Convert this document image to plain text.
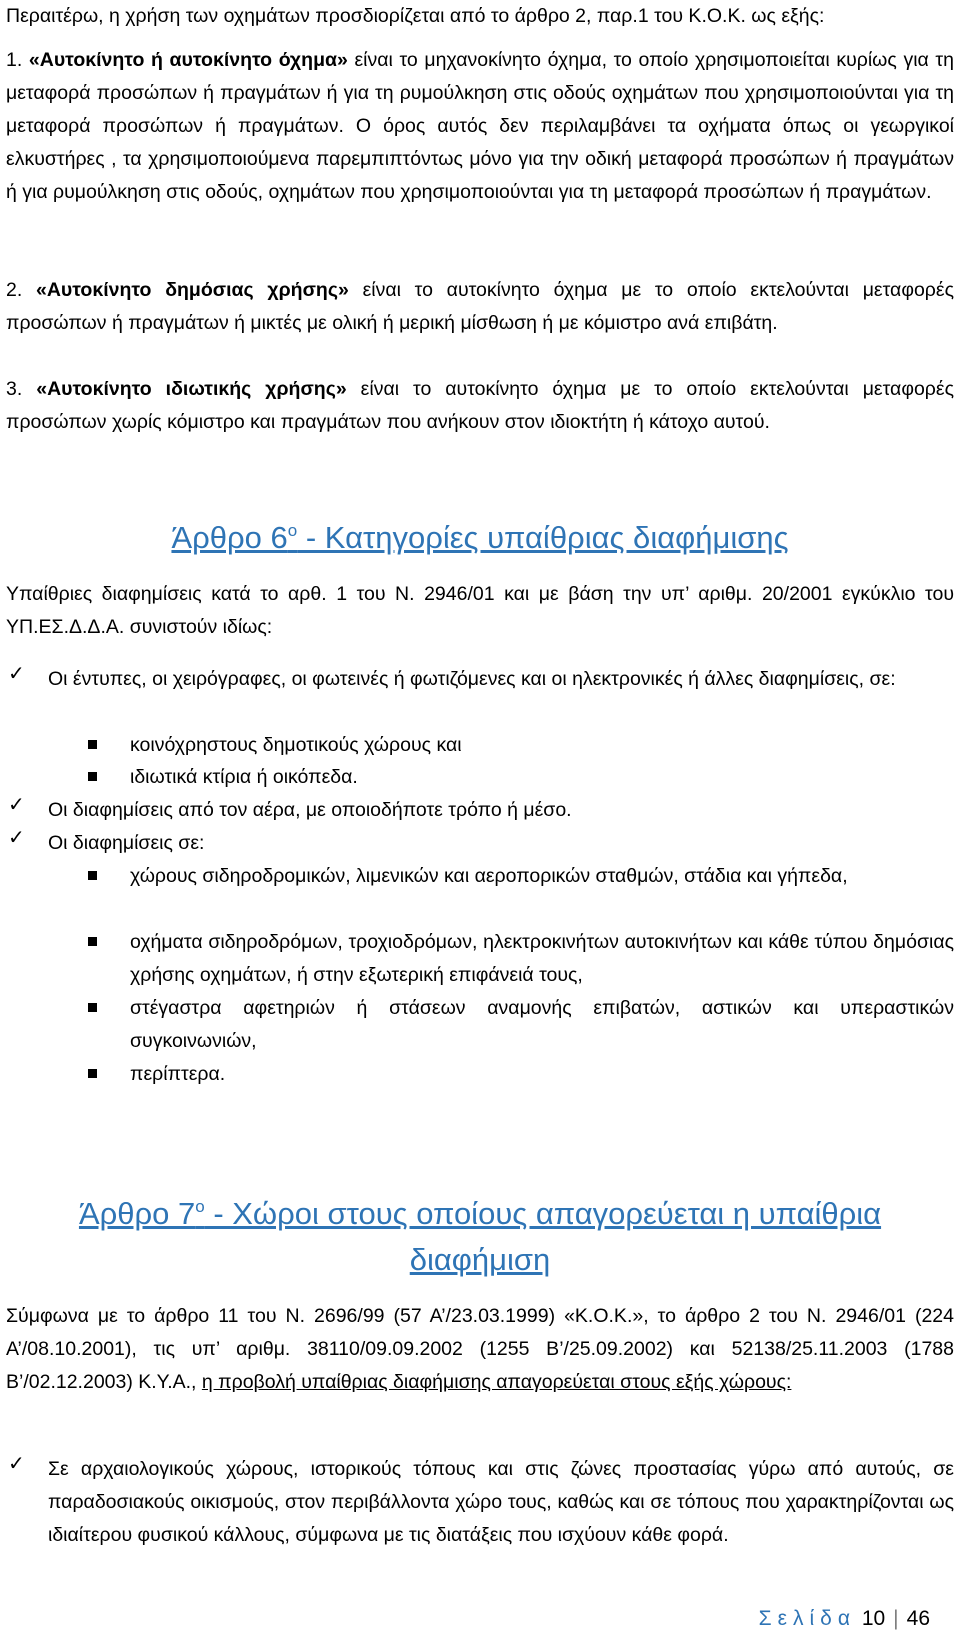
Περαιτέρω, η χρήση των οχημάτων προσδιορίζεται από το άρθρο 2, παρ.1 του Κ.Ο.Κ. ως εξής:

1. «Αυτοκίνητο ή αυτοκίνητο όχημα» είναι το μηχανοκίνητο όχημα, το οποίο χρησιμοποιείται κυρίως για τη μεταφορά προσώπων ή πραγμάτων ή για τη ρυμούλκηση στις οδούς οχημάτων που χρησιμοποιούνται για τη μεταφορά προσώπων ή πραγμάτων. Ο όρος αυτός δεν περιλαμβάνει τα οχήματα όπως οι γεωργικοί ελκυστήρες , τα χρησιμοποιούμενα παρεμπιπτόντως μόνο για την οδική μεταφορά προσώπων ή πραγμάτων ή για ρυμούλκηση στις οδούς, οχημάτων που χρησιμοποιούνται για τη μεταφορά προσώπων ή πραγμάτων.

2. «Αυτοκίνητο δημόσιας χρήσης» είναι το αυτοκίνητο όχημα με το οποίο εκτελούνται μεταφορές προσώπων ή πραγμάτων ή μικτές με ολική ή μερική μίσθωση ή με κόμιστρο ανά επιβάτη.

3. «Αυτοκίνητο ιδιωτικής χρήσης» είναι το αυτοκίνητο όχημα με το οποίο εκτελούνται μεταφορές προσώπων χωρίς κόμιστρο και πραγμάτων που ανήκουν στον ιδιοκτήτη ή κάτοχο αυτού.

Άρθρο $6^o$ - Κατηγορίες υπαίθριας διαφήμισης

Υπαίθριες διαφημίσεις κατά το αρθ. 1 του Ν. 2946/01 και με βάση την υπ’ αριθμ. 20/2001 εγκύκλιο του ΥΠ.ΕΣ.Δ.Δ.Α. συνιστούν ιδίως:

✓	Οι έντυπες, οι χειρόγραφες, οι φωτεινές ή φωτιζόμενες και οι ηλεκτρονικές ή άλλες διαφημίσεις, σε:
κοινόχρηστους δημοτικούς χώρους και
ιδιωτικά κτίρια ή οικόπεδα.
✓	Οι διαφημίσεις από τον αέρα, με οποιοδήποτε τρόπο ή μέσο.
✓	Οι διαφημίσεις σε:
χώρους σιδηροδρομικών, λιμενικών και αεροπορικών σταθμών, στάδια και γήπεδα,
οχήματα σιδηροδρόμων, τροχιοδρόμων, ηλεκτροκινήτων αυτοκινήτων και κάθε τύπου δημόσιας χρήσης οχημάτων, ή στην εξωτερική επιφάνειά τους,
στέγαστρα αφετηριών ή στάσεων αναμονής επιβατών, αστικών και υπεραστικών συγκοινωνιών,
περίπτερα.
Άρθρο $7^o$ - Χώροι στους οποίους απαγορεύεται η υπαίθρια διαφήμιση

Σύμφωνα με το άρθρο 11 του Ν. 2696/99 (57 Α’/23.03.1999) «Κ.Ο.Κ.», το άρθρο 2 του Ν. 2946/01 (224 Α’/08.10.2001), τις υπ’ αριθμ. 38110/09.09.2002 (1255 Β’/25.09.2002) και 52138/25.11.2003 (1788 Β’/02.12.2003) Κ.Υ.Α., η προβολή υπαίθριας διαφήμισης απαγορεύεται στους εξής χώρους:

✓	Σε αρχαιολογικούς χώρους, ιστορικούς τόπους και στις ζώνες προστασίας γύρω από αυτούς, σε παραδοσιακούς οικισμούς, στον περιβάλλοντα χώρο τους, καθώς και σε τόπους που χαρακτηρίζονται ως ιδιαίτερου φυσικού κάλλους, σύμφωνα με τις διατάξεις που ισχύουν κάθε φορά.
Σελίδα 10 | 46
